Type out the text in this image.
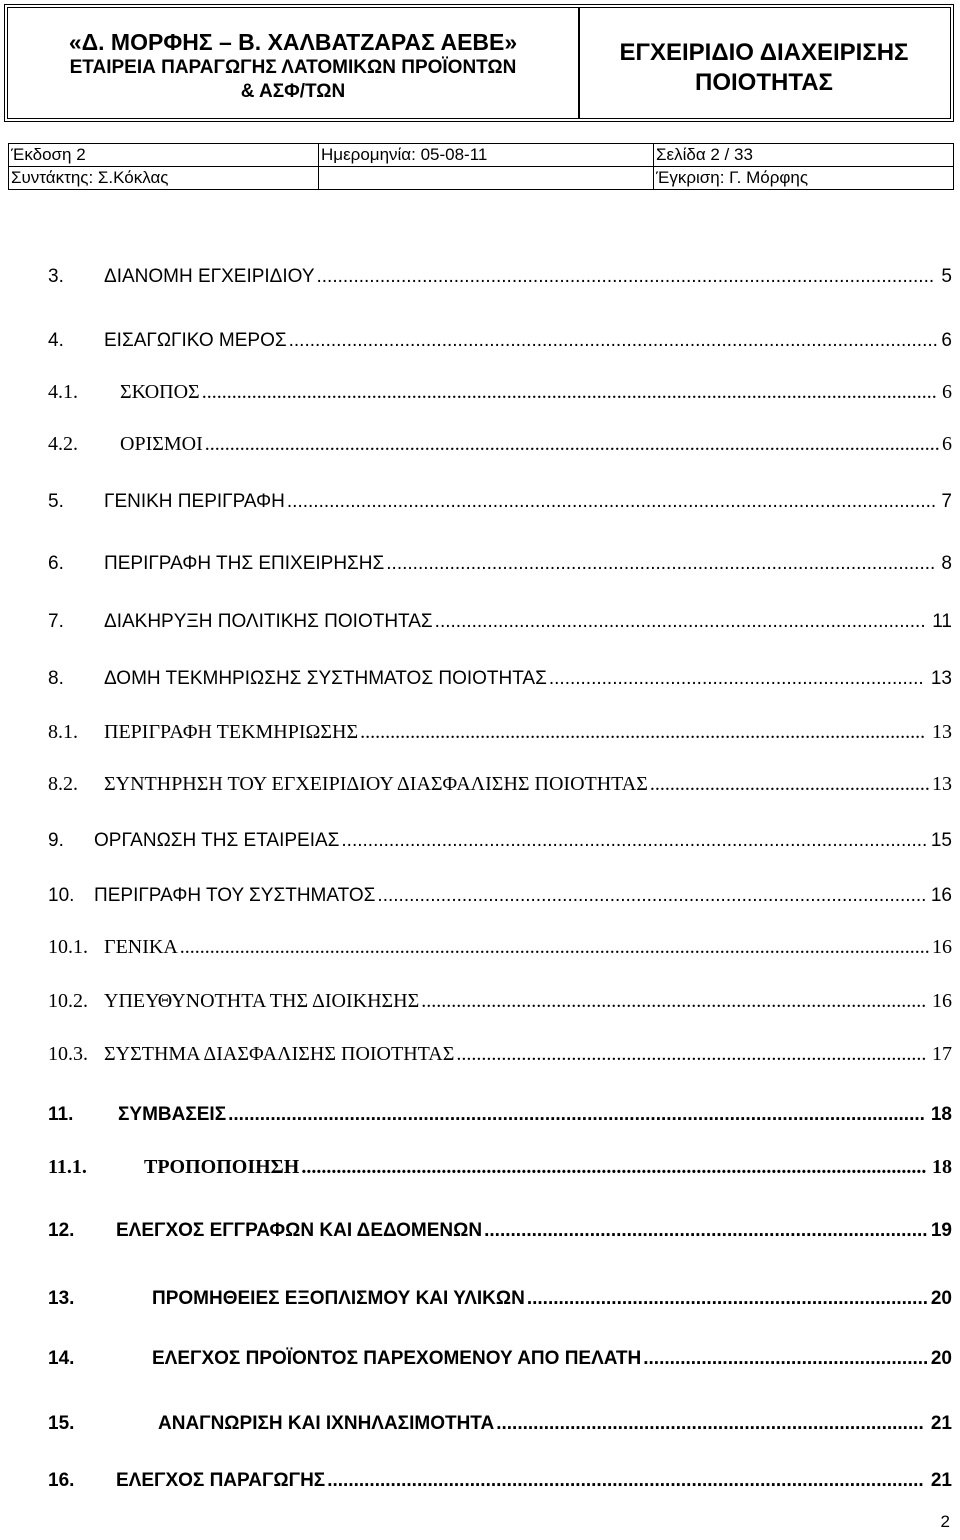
«Δ. ΜΟΡΦΗΣ – Β. ΧΑΛΒΑΤΖΑΡΑΣ ΑΕΒΕ»
ΕΤΑΙΡΕΙΑ ΠΑΡΑΓΩΓΗΣ ΛΑΤΟΜΙΚΩΝ ΠΡΟΪΟΝΤΩΝ
& ΑΣΦ/ΤΩΝ
ΕΓΧΕΙΡΙΔΙΟ ΔΙΑΧΕΙΡΙΣΗΣ
ΠΟΙΟΤΗΤΑΣ
Έκδοση 2	Ημερομηνία: 05-08-11	Σελίδα 2 / 33
Συντάκτης: Σ.Κόκλας		Έγκριση: Γ. Μόρφης
3. ΔΙΑΝΟΜΗ ΕΓΧΕΙΡΙΔΙΟΥ ..................................................................................................................... 5
4. ΕΙΣΑΓΩΓΙΚΟ ΜΕΡΟΣ ........................................................................................................................... 6
4.1. ΣΚΟΠΟΣ ................................................................................................................................................... 6
4.2. ΟΡΙΣΜΟΙ ................................................................................................................................................... 6
5. ΓΕΝΙΚΗ ΠΕΡΙΓΡΑΦΗ ........................................................................................................................... 7
6. ΠΕΡΙΓΡΑΦΗ ΤΗΣ ΕΠΙΧΕΙΡΗΣΗΣ ........................................................................................................ 8
7. ΔΙΑΚΗΡΥΞΗ ΠΟΛΙΤΙΚΗΣ ΠΟΙΟΤΗΤΑΣ ............................................................................................. 11
8. ΔΟΜΗ ΤΕΚΜΗΡΙΩΣΗΣ ΣΥΣΤΗΜΑΤΟΣ ΠΟΙΟΤΗΤΑΣ ....................................................................... 13
8.1. ΠΕΡΙΓΡΑΦΗ ΤΕΚΜΗΡΙΩΣΗΣ ................................................................................................................. 13
8.2. ΣΥΝΤΗΡΗΣΗ ΤΟΥ ΕΓΧΕΙΡΙΔΙΟΥ ΔΙΑΣΦΑΛΙΣΗΣ ΠΟΙΟΤΗΤΑΣ ........................................................ 13
9. ΟΡΓΑΝΩΣΗ ΤΗΣ ΕΤΑΙΡΕΙΑΣ ............................................................................................................... 15
10. ΠΕΡΙΓΡΑΦΗ ΤΟΥ ΣΥΣΤΗΜΑΤΟΣ ........................................................................................................ 16
10.1. ΓΕΝΙΚΑ ...................................................................................................................................................... 16
10.2. ΥΠΕΥΘΥΝΟΤΗΤΑ ΤΗΣ ΔΙΟΙΚΗΣΗΣ ..................................................................................................... 16
10.3. ΣΥΣΤΗΜΑ ΔΙΑΣΦΑΛΙΣΗΣ ΠΟΙΟΤΗΤΑΣ .............................................................................................. 17
11. ΣΥΜΒΑΣΕΙΣ .................................................................................................................................... 18
11.1.	ΤΡΟΠΟΠΟΙΗΣΗ ............................................................................................................................. 18
12. ΕΛΕΓΧΟΣ ΕΓΓΡΑΦΩΝ ΚΑΙ ΔΕΔΟΜΕΝΩΝ .................................................................................... 19
13.	ΠΡΟΜΗΘΕΙΕΣ ΕΞΟΠΛΙΣΜΟΥ ΚΑΙ ΥΛΙΚΩΝ ............................................................................ 20
14.	ΕΛΕΓΧΟΣ ΠΡΟΪΟΝΤΟΣ ΠΑΡΕΧΟΜΕΝΟΥ ΑΠΟ ΠΕΛΑΤΗ ...................................................... 20
15.	ΑΝΑΓΝΩΡΙΣΗ ΚΑΙ ΙΧΝΗΛΑΣΙΜΟΤΗΤΑ ................................................................................. 21
16. ΕΛΕΓΧΟΣ ΠΑΡΑΓΩΓΗΣ ................................................................................................................. 21
2
